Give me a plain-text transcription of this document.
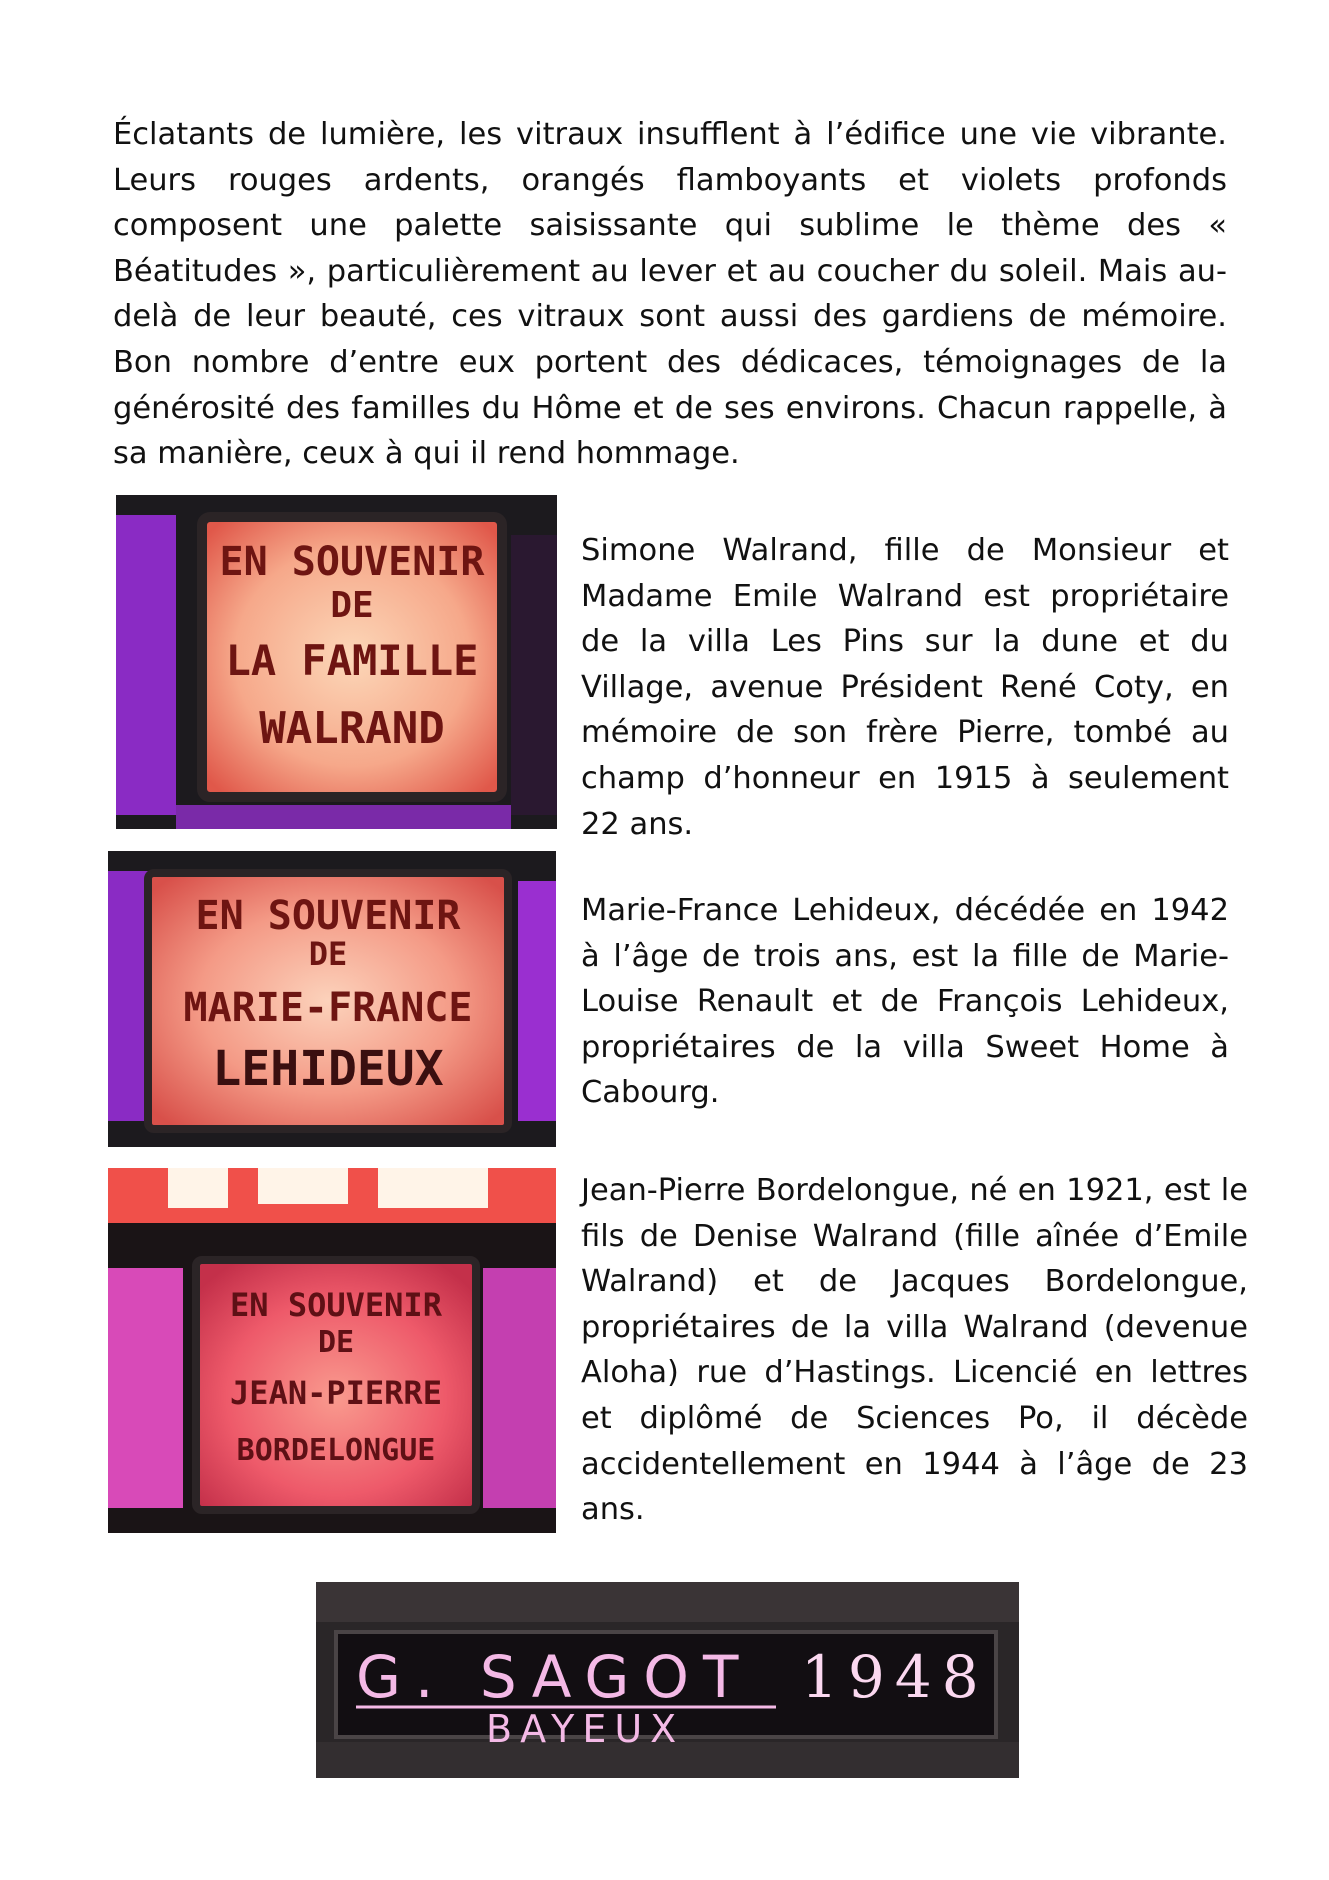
Éclatants de lumière, les vitraux insufflent à l’édifice une vie vibrante. Leurs rouges ardents, orangés flamboyants et violets profonds composent une palette saisissante qui sublime le thème des « Béatitudes », particulièrement au lever et au coucher du soleil. Mais au-delà de leur beauté, ces vitraux sont aussi des gardiens de mémoire. Bon nombre d’entre eux portent des dédicaces, témoignages de la générosité des familles du Hôme et de ses environs. Chacun rappelle, à sa manière, ceux à qui il rend hommage.

EN SOUVENIR
DE
LA FAMILLE
WALRAND

Simone Walrand, fille de Monsieur et Madame Emile Walrand est propriétaire de la villa Les Pins sur la dune et du Village, avenue Président René Coty, en mémoire de son frère Pierre, tombé au champ d’honneur en 1915 à seulement 22 ans.

EN SOUVENIR
DE
MARIE-FRANCE
LEHIDEUX

Marie-France Lehideux, décédée en 1942 à l’âge de trois ans, est la fille de Marie-Louise Renault et de François Lehideux, propriétaires de la villa Sweet Home à Cabourg.

EN SOUVENIR
DE
JEAN-PIERRE
BORDELONGUE

Jean-Pierre Bordelongue, né en 1921, est le fils de Denise Walrand (fille aînée d’Emile Walrand) et de Jacques Bordelongue, propriétaires de la villa Walrand (devenue Aloha) rue d’Hastings. Licencié en lettres et diplômé de Sciences Po, il décède accidentellement en 1944 à l’âge de 23 ans.

G. SAGOT 1948
BAYEUX
